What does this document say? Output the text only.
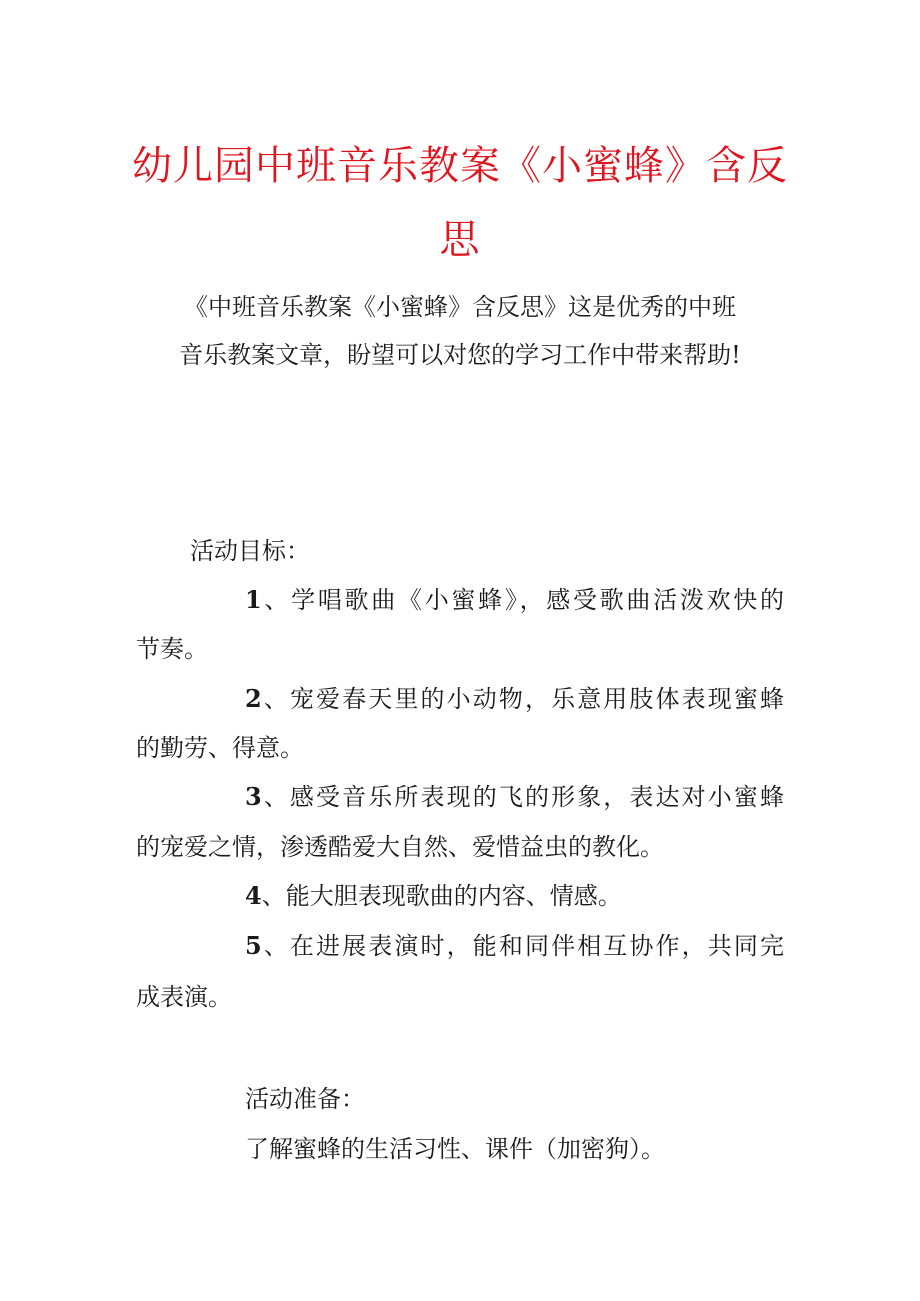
幼儿园中班音乐教案《小蜜蜂》含反
思
《中班音乐教案《小蜜蜂》含反思》这是优秀的中班
音乐教案文章，盼望可以对您的学习工作中带来帮助!
活动目标：
1、学唱歌曲《小蜜蜂》，感受歌曲活泼欢快的
节奏。
2、宠爱春天里的小动物，乐意用肢体表现蜜蜂
的勤劳、得意。
3、感受音乐所表现的飞的形象，表达对小蜜蜂
的宠爱之情，渗透酷爱大自然、爱惜益虫的教化。
4、能大胆表现歌曲的内容、情感。
5、在进展表演时，能和同伴相互协作，共同完
成表演。
活动准备：
了解蜜蜂的生活习性、课件（加密狗）。
